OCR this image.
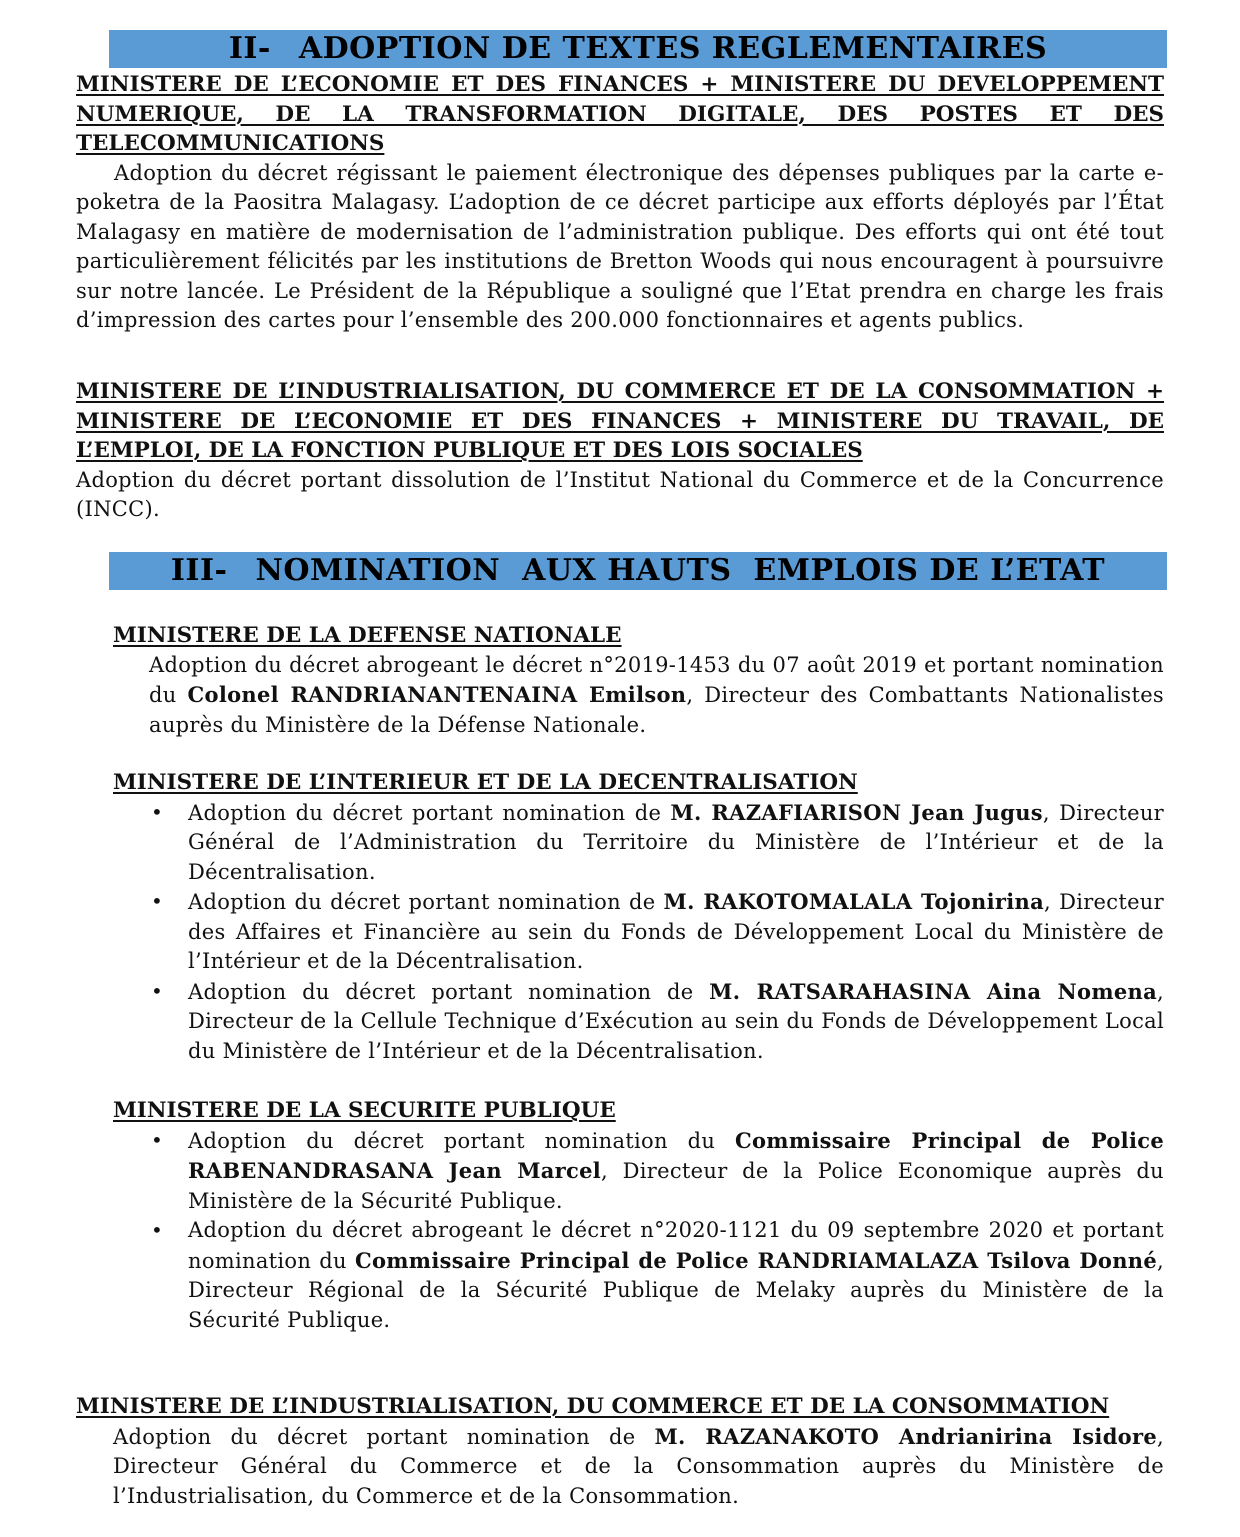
II- ADOPTION DE TEXTES REGLEMENTAIRES
MINISTERE DE L’ECONOMIE ET DES FINANCES + MINISTERE DU DEVELOPPEMENT NUMERIQUE, DE LA TRANSFORMATION DIGITALE, DES POSTES ET DES TELECOMMUNICATIONS
Adoption du décret régissant le paiement électronique des dépenses publiques par la carte e-poketra de la Paositra Malagasy. L’adoption de ce décret participe aux efforts déployés par l’État Malagasy en matière de modernisation de l’administration publique. Des efforts qui ont été tout particulièrement félicités par les institutions de Bretton Woods qui nous encouragent à poursuivre sur notre lancée. Le Président de la République a souligné que l’Etat prendra en charge les frais d’impression des cartes pour l’ensemble des 200.000 fonctionnaires et agents publics.
MINISTERE DE L’INDUSTRIALISATION, DU COMMERCE ET DE LA CONSOMMATION + MINISTERE DE L’ECONOMIE ET DES FINANCES + MINISTERE DU TRAVAIL, DE L’EMPLOI, DE LA FONCTION PUBLIQUE ET DES LOIS SOCIALES
Adoption du décret portant dissolution de l’Institut National du Commerce et de la Concurrence (INCC).
III- NOMINATION  AUX HAUTS  EMPLOIS DE L’ETAT
MINISTERE DE LA DEFENSE NATIONALE
Adoption du décret abrogeant le décret n°2019-1453 du 07 août 2019 et portant nomination du Colonel RANDRIANANTENAINA Emilson, Directeur des Combattants Nationalistes auprès du Ministère de la Défense Nationale.
MINISTERE DE L’INTERIEUR ET DE LA DECENTRALISATION
• Adoption du décret portant nomination de M. RAZAFIARISON Jean Jugus, Directeur Général de l’Administration du Territoire du Ministère de l’Intérieur et de la Décentralisation.
• Adoption du décret portant nomination de M. RAKOTOMALALA Tojonirina, Directeur des Affaires et Financière au sein du Fonds de Développement Local du Ministère de l’Intérieur et de la Décentralisation.
• Adoption du décret portant nomination de M. RATSARAHASINA Aina Nomena, Directeur de la Cellule Technique d’Exécution au sein du Fonds de Développement Local du Ministère de l’Intérieur et de la Décentralisation.
MINISTERE DE LA SECURITE PUBLIQUE
• Adoption du décret portant nomination du Commissaire Principal de Police RABENANDRASANA Jean Marcel, Directeur de la Police Economique auprès du Ministère de la Sécurité Publique.
• Adoption du décret abrogeant le décret n°2020-1121 du 09 septembre 2020 et portant nomination du Commissaire Principal de Police RANDRIAMALAZA Tsilova Donné, Directeur Régional de la Sécurité Publique de Melaky auprès du Ministère de la Sécurité Publique.
MINISTERE DE L’INDUSTRIALISATION, DU COMMERCE ET DE LA CONSOMMATION
Adoption du décret portant nomination de M. RAZANAKOTO Andrianirina Isidore, Directeur Général du Commerce et de la Consommation auprès du Ministère de l’Industrialisation, du Commerce et de la Consommation.
